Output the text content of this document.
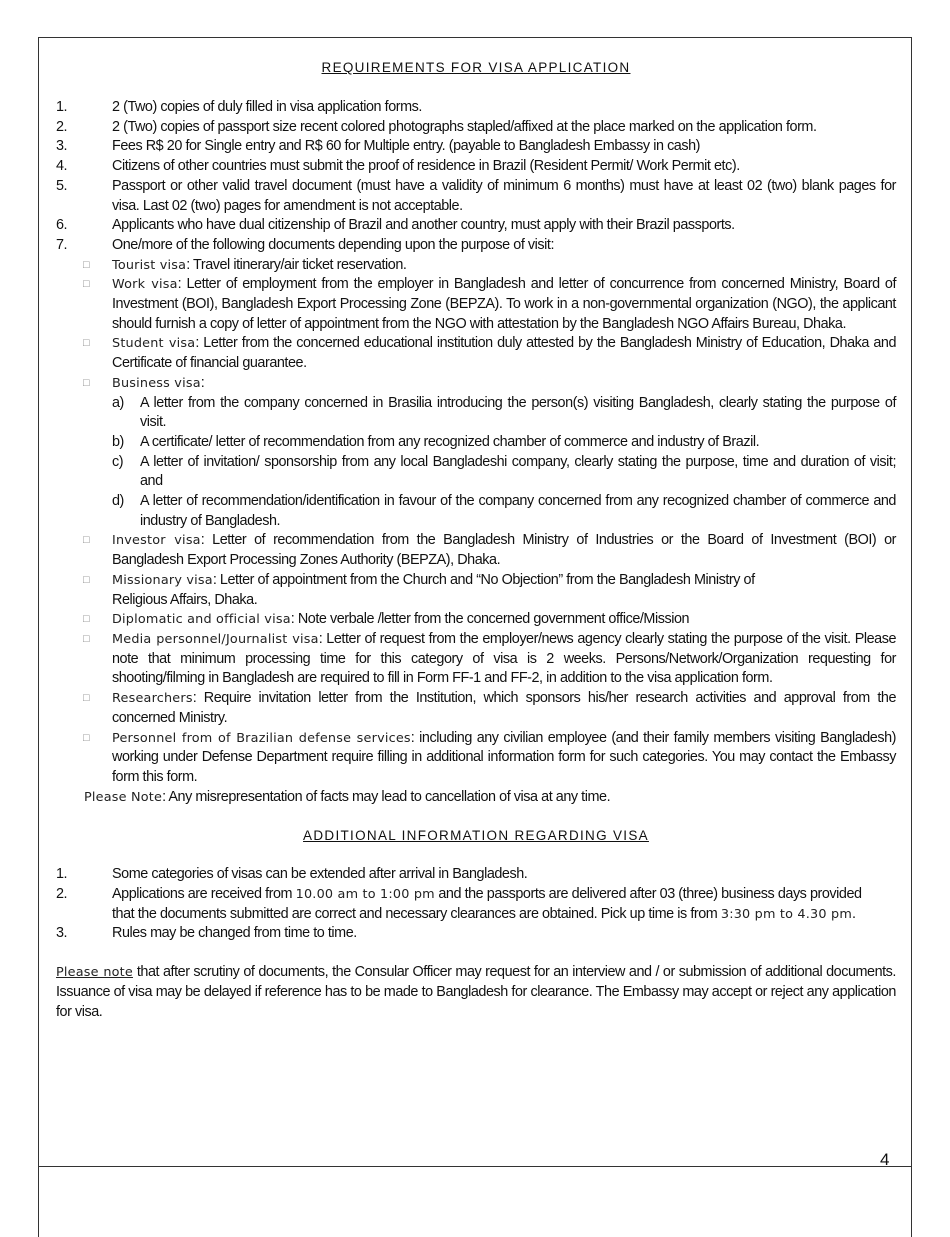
REQUIREMENTS FOR VISA APPLICATION

1.	2 (Two) copies of duly filled in visa application forms.
2.	2 (Two) copies of passport size recent colored photographs stapled/affixed at the place marked on the application form.
3.	Fees R$ 20 for Single entry and R$ 60 for Multiple entry. (payable to Bangladesh Embassy in cash)
4.	Citizens of other countries must submit the proof of residence in Brazil (Resident Permit/ Work Permit etc).
5.	Passport or other valid travel document (must have a validity of minimum 6 months) must have at least 02 (two) blank pages for visa. Last 02 (two) pages for amendment is not acceptable.
6.	Applicants who have dual citizenship of Brazil and another country, must apply with their Brazil passports.
7.	One/more of the following documents depending upon the purpose of visit:
□	Tourist visa: Travel itinerary/air ticket reservation.
□	Work visa: Letter of employment from the employer in Bangladesh and letter of concurrence from concerned Ministry, Board of Investment (BOI), Bangladesh Export Processing Zone (BEPZA). To work in a non-governmental organization (NGO), the applicant should furnish a copy of letter of appointment from the NGO with attestation by the Bangladesh NGO Affairs Bureau, Dhaka.
□	Student visa: Letter from the concerned educational institution duly attested by the Bangladesh Ministry of Education, Dhaka and Certificate of financial guarantee.
□	Business visa:
a)	A letter from the company concerned in Brasilia introducing the person(s) visiting Bangladesh, clearly stating the purpose of visit.
b)	A certificate/ letter of recommendation from any recognized chamber of commerce and industry of Brazil.
c)	A letter of invitation/ sponsorship from any local Bangladeshi company, clearly stating the purpose, time and duration of visit; and
d)	A letter of recommendation/identification in favour of the company concerned from any recognized chamber of commerce and industry of Bangladesh.
□	Investor visa: Letter of recommendation from the Bangladesh Ministry of Industries or the Board of Investment (BOI) or Bangladesh Export Processing Zones Authority (BEPZA), Dhaka.
□	Missionary visa: Letter of appointment from the Church and “No Objection” from the Bangladesh Ministry of Religious Affairs, Dhaka.
□	Diplomatic and official visa: Note verbale /letter from the concerned government office/Mission
□	Media personnel/Journalist visa: Letter of request from the employer/news agency clearly stating the purpose of the visit. Please note that minimum processing time for this category of visa is 2 weeks. Persons/Network/Organization requesting for shooting/filming in Bangladesh are required to fill in Form FF-1 and FF-2, in addition to the visa application form.
□	Researchers: Require invitation letter from the Institution, which sponsors his/her research activities and approval from the concerned Ministry.
□	Personnel from of Brazilian defense services: including any civilian employee (and their family members visiting Bangladesh) working under Defense Department require filling in additional information form for such categories. You may contact the Embassy form this form.
Please Note: Any misrepresentation of facts may lead to cancellation of visa at any time.

ADDITIONAL INFORMATION REGARDING VISA

1.	Some categories of visas can be extended after arrival in Bangladesh.
2.	Applications are received from 10.00 am to 1:00 pm and the passports are delivered after 03 (three) business days provided that the documents submitted are correct and necessary clearances are obtained. Pick up time is from 3:30 pm to 4.30 pm.
3.	Rules may be changed from time to time.

Please note that after scrutiny of documents, the Consular Officer may request for an interview and / or submission of additional documents. Issuance of visa may be delayed if reference has to be made to Bangladesh for clearance. The Embassy may accept or reject any application for visa.

4
